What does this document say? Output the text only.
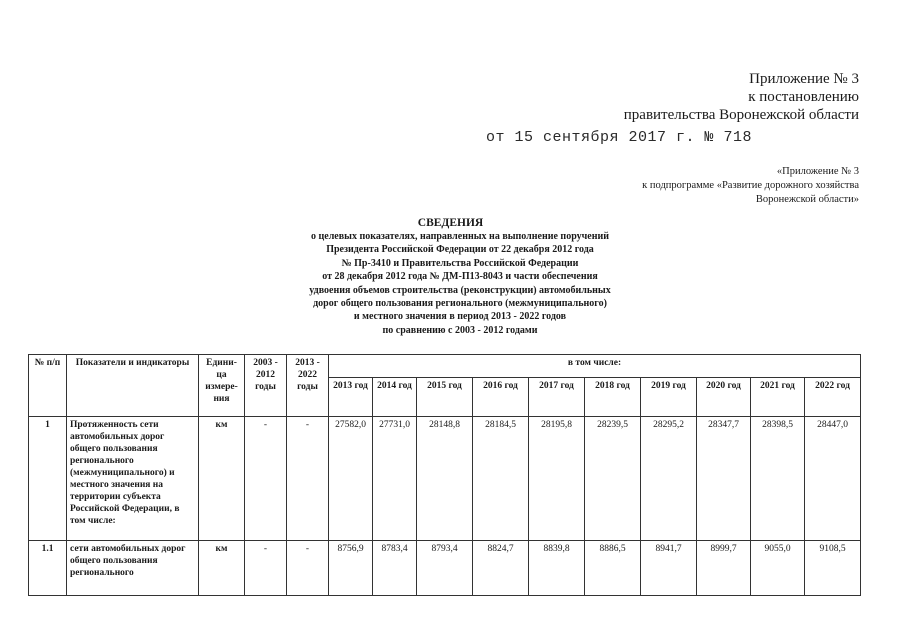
Приложение № 3
к постановлению
правительства Воронежской области
от 15 сентября 2017 г. № 718
«Приложение № 3
к подпрограмме «Развитие дорожного хозяйства
Воронежской области»
СВЕДЕНИЯ
о целевых показателях, направленных на выполнение поручений
Президента Российской Федерации от 22 декабря 2012 года
№ Пр-3410 и Правительства Российской Федерации
от 28 декабря 2012 года № ДМ-П13-8043 и части обеспечения
удвоения объемов строительства (реконструкции) автомобильных
дорог общего пользования регионального (межмуниципального)
и местного значения в период 2013 - 2022 годов
по сравнению с 2003 - 2012 годами
№ п/п	Показатели и индикаторы	Едини-ца измере-ния	2003 - 2012 годы	2013 - 2022 годы	в том числе:									
					2013 год	2014 год	2015 год	2016 год	2017 год	2018 год	2019 год	2020 год	2021 год	2022 год
1	Протяженность сети автомобильных дорог общего пользования регионального (межмуниципального) и местного значения на территории субъекта Российской Федерации, в том числе:	км	-	-	27582,0	27731,0	28148,8	28184,5	28195,8	28239,5	28295,2	28347,7	28398,5	28447,0
1.1	сети автомобильных дорог общего пользования регионального	км	-	-	8756,9	8783,4	8793,4	8824,7	8839,8	8886,5	8941,7	8999,7	9055,0	9108,5
